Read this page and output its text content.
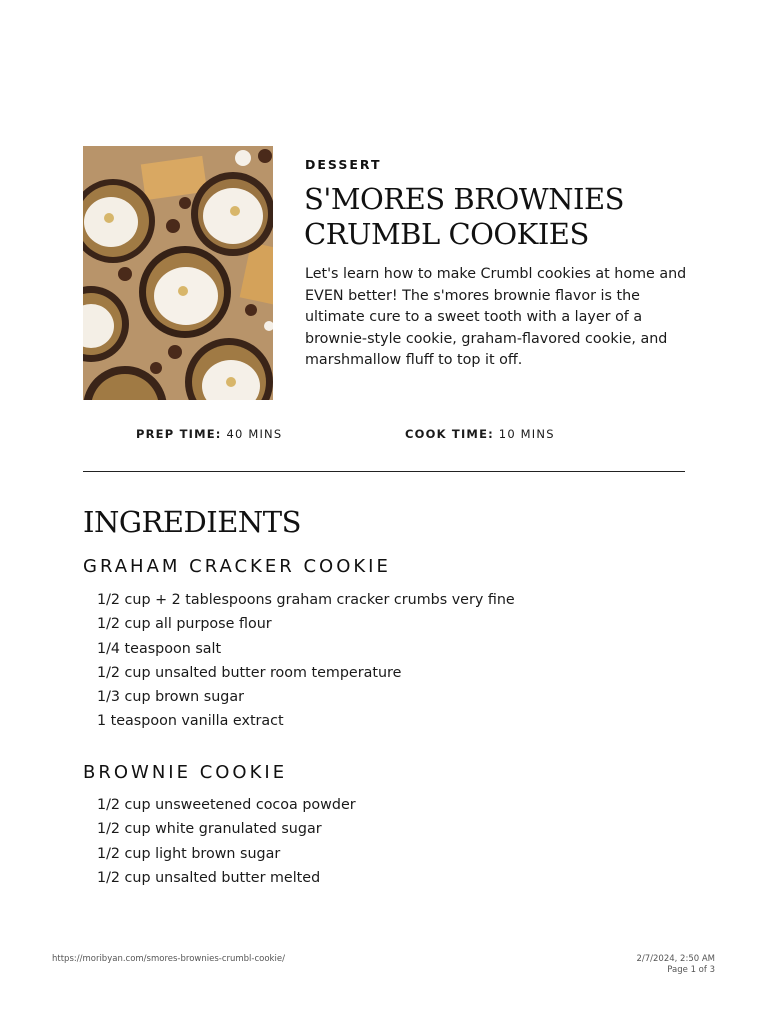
DESSERT
S'MORES BROWNIES
CRUMBL COOKIES

Let's learn how to make Crumbl cookies at home and EVEN better! The s'mores brownie flavor is the ultimate cure to a sweet tooth with a layer of a brownie-style cookie, graham-flavored cookie, and marshmallow fluff to top it off.

PREP TIME: 40 MINS	COOK TIME: 10 MINS
INGREDIENTS
GRAHAM CRACKER COOKIE
1/2 cup + 2 tablespoons graham cracker crumbs very fine
1/2 cup all purpose flour
1/4 teaspoon salt
1/2 cup unsalted butter room temperature
1/3 cup brown sugar
1 teaspoon vanilla extract
BROWNIE COOKIE
1/2 cup unsweetened cocoa powder
1/2 cup white granulated sugar
1/2 cup light brown sugar
1/2 cup unsalted butter melted
https://moribyan.com/smores-brownies-crumbl-cookie/	2/7/2024, 2:50 AM
Page 1 of 3
